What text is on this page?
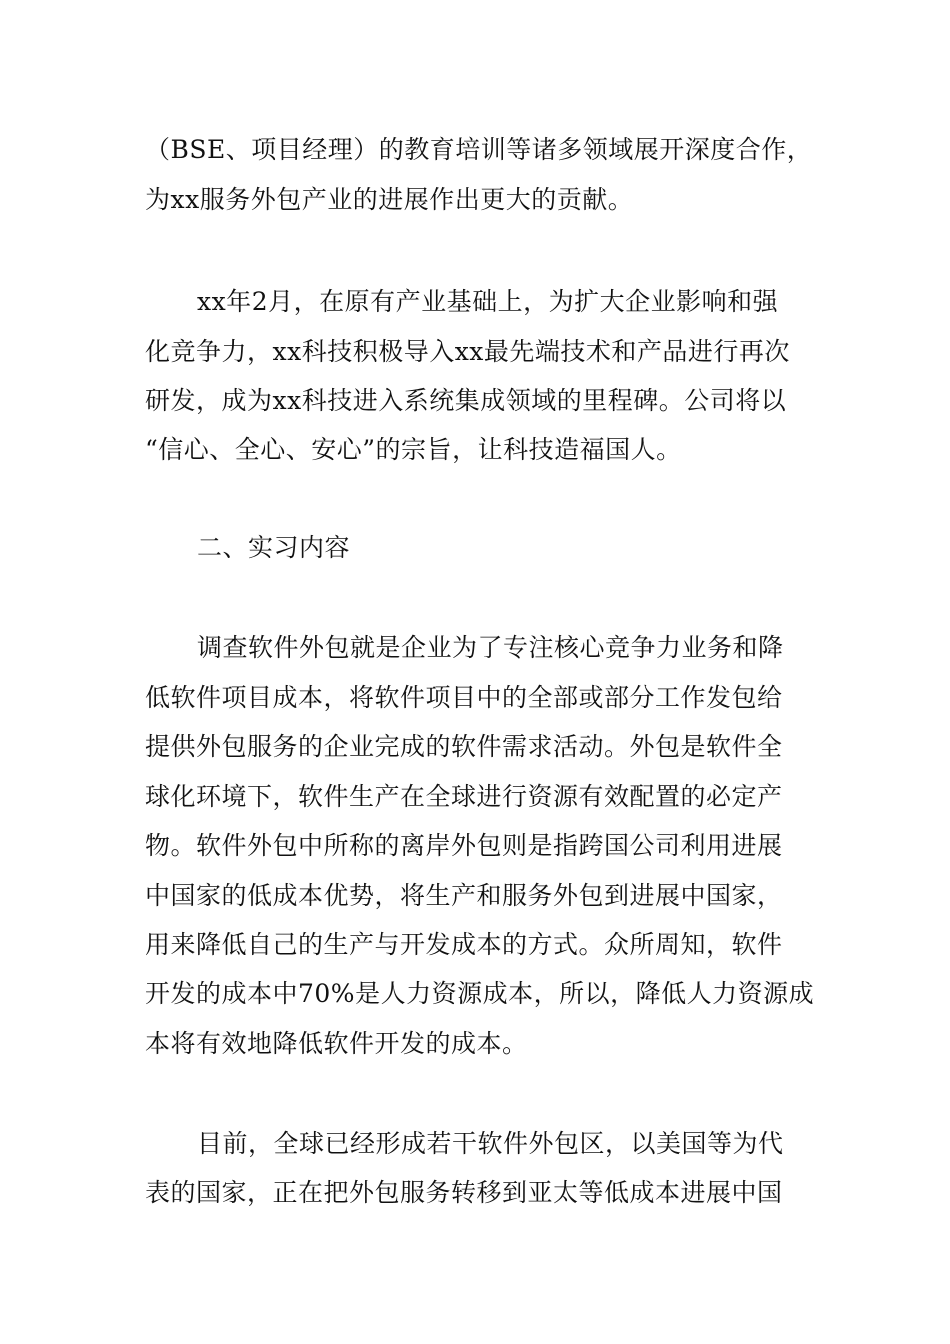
（BSE、项目经理）的教育培训等诸多领域展开深度合作，
为xx服务外包产业的进展作出更大的贡献。
xx年2月，在原有产业基础上，为扩大企业影响和强
化竞争力，xx科技积极导入xx最先端技术和产品进行再次
研发，成为xx科技进入系统集成领域的里程碑。公司将以
“信心、全心、安心”的宗旨，让科技造福国人。
二、实习内容
调查软件外包就是企业为了专注核心竞争力业务和降
低软件项目成本，将软件项目中的全部或部分工作发包给
提供外包服务的企业完成的软件需求活动。外包是软件全
球化环境下，软件生产在全球进行资源有效配置的必定产
物。软件外包中所称的离岸外包则是指跨国公司利用进展
中国家的低成本优势，将生产和服务外包到进展中国家，
用来降低自己的生产与开发成本的方式。众所周知，软件
开发的成本中70%是人力资源成本，所以，降低人力资源成
本将有效地降低软件开发的成本。
目前，全球已经形成若干软件外包区，以美国等为代
表的国家，正在把外包服务转移到亚太等低成本进展中国
